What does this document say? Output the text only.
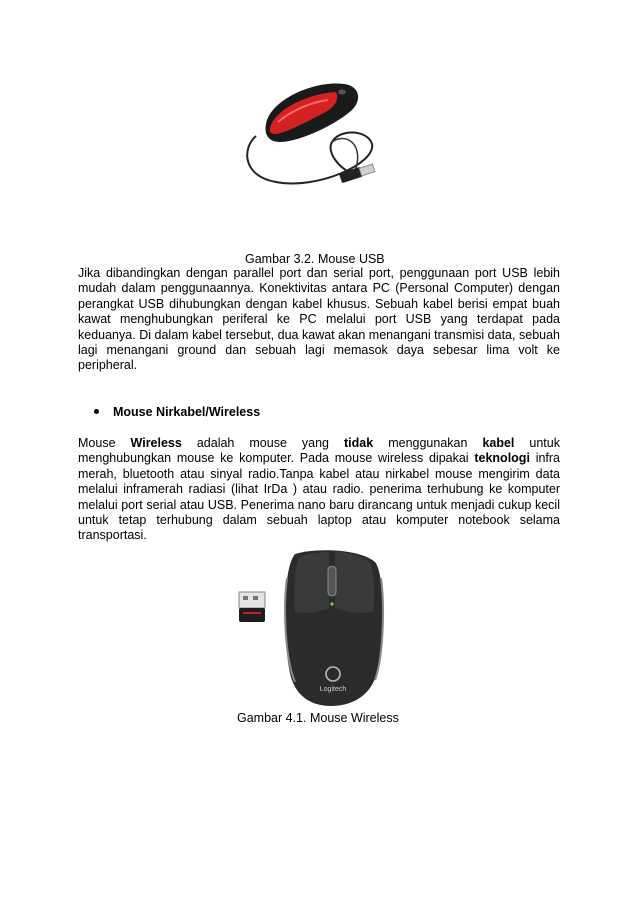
Gambar 3.2. Mouse USB

Jika dibandingkan dengan parallel port dan serial port, penggunaan port USB lebih mudah dalam penggunaannya. Konektivitas antara PC (Personal Computer) dengan perangkat USB dihubungkan dengan kabel khusus. Sebuah kabel berisi empat buah kawat menghubungkan periferal ke PC melalui port USB yang terdapat pada keduanya. Di dalam kabel tersebut, dua kawat akan menangani transmisi data, sebuah lagi menangani ground dan sebuah lagi memasok daya sebesar lima volt ke peripheral.

Mouse Nirkabel/Wireless

Mouse Wireless adalah mouse yang tidak menggunakan kabel untuk menghubungkan mouse ke komputer. Pada mouse wireless dipakai teknologi infra merah, bluetooth atau sinyal radio.Tanpa kabel atau nirkabel mouse mengirim data melalui inframerah radiasi (lihat IrDa ) atau radio. penerima terhubung ke komputer melalui port serial atau USB. Penerima nano baru dirancang untuk menjadi cukup kecil untuk tetap terhubung dalam sebuah laptop atau komputer notebook selama transportasi.

Logitech
Gambar 4.1. Mouse Wireless
